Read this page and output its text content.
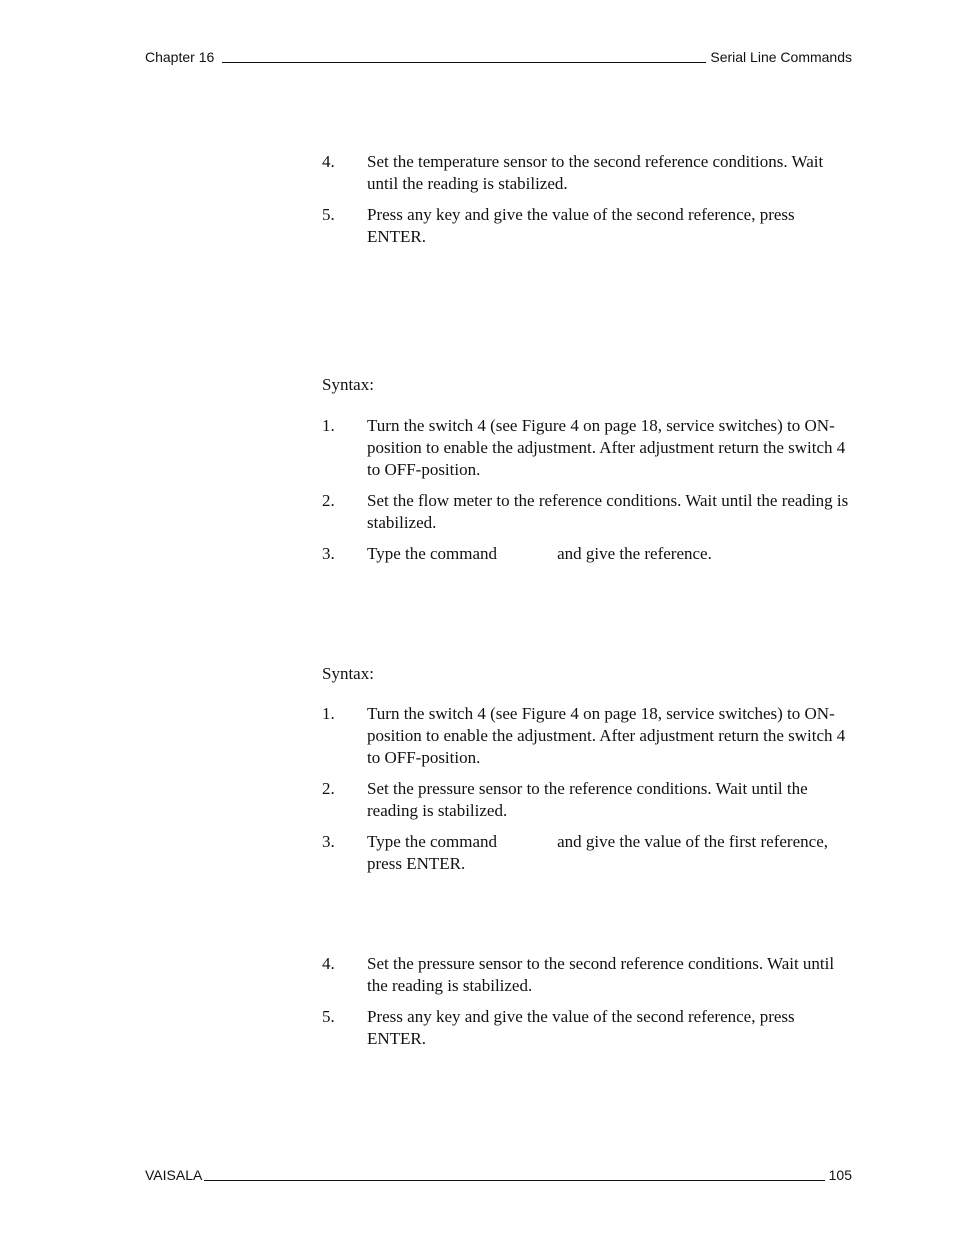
Chapter 16	Serial Line Commands
4. Set the temperature sensor to the second reference conditions. Wait until the reading is stabilized.
5. Press any key and give the value of the second reference, press ENTER.
Syntax:
1. Turn the switch 4 (see Figure 4 on page 18, service switches) to ON-position to enable the adjustment. After adjustment return the switch 4 to OFF-position.
2. Set the flow meter to the reference conditions. Wait until the reading is stabilized.
3. Type the command	and give the reference.
Syntax:
1. Turn the switch 4 (see Figure 4 on page 18, service switches) to ON-position to enable the adjustment. After adjustment return the switch 4 to OFF-position.
2. Set the pressure sensor to the reference conditions. Wait until the reading is stabilized.
3. Type the command	and give the value of the first reference, press ENTER.
4. Set the pressure sensor to the second reference conditions. Wait until the reading is stabilized.
5. Press any key and give the value of the second reference, press ENTER.
VAISALA	105
